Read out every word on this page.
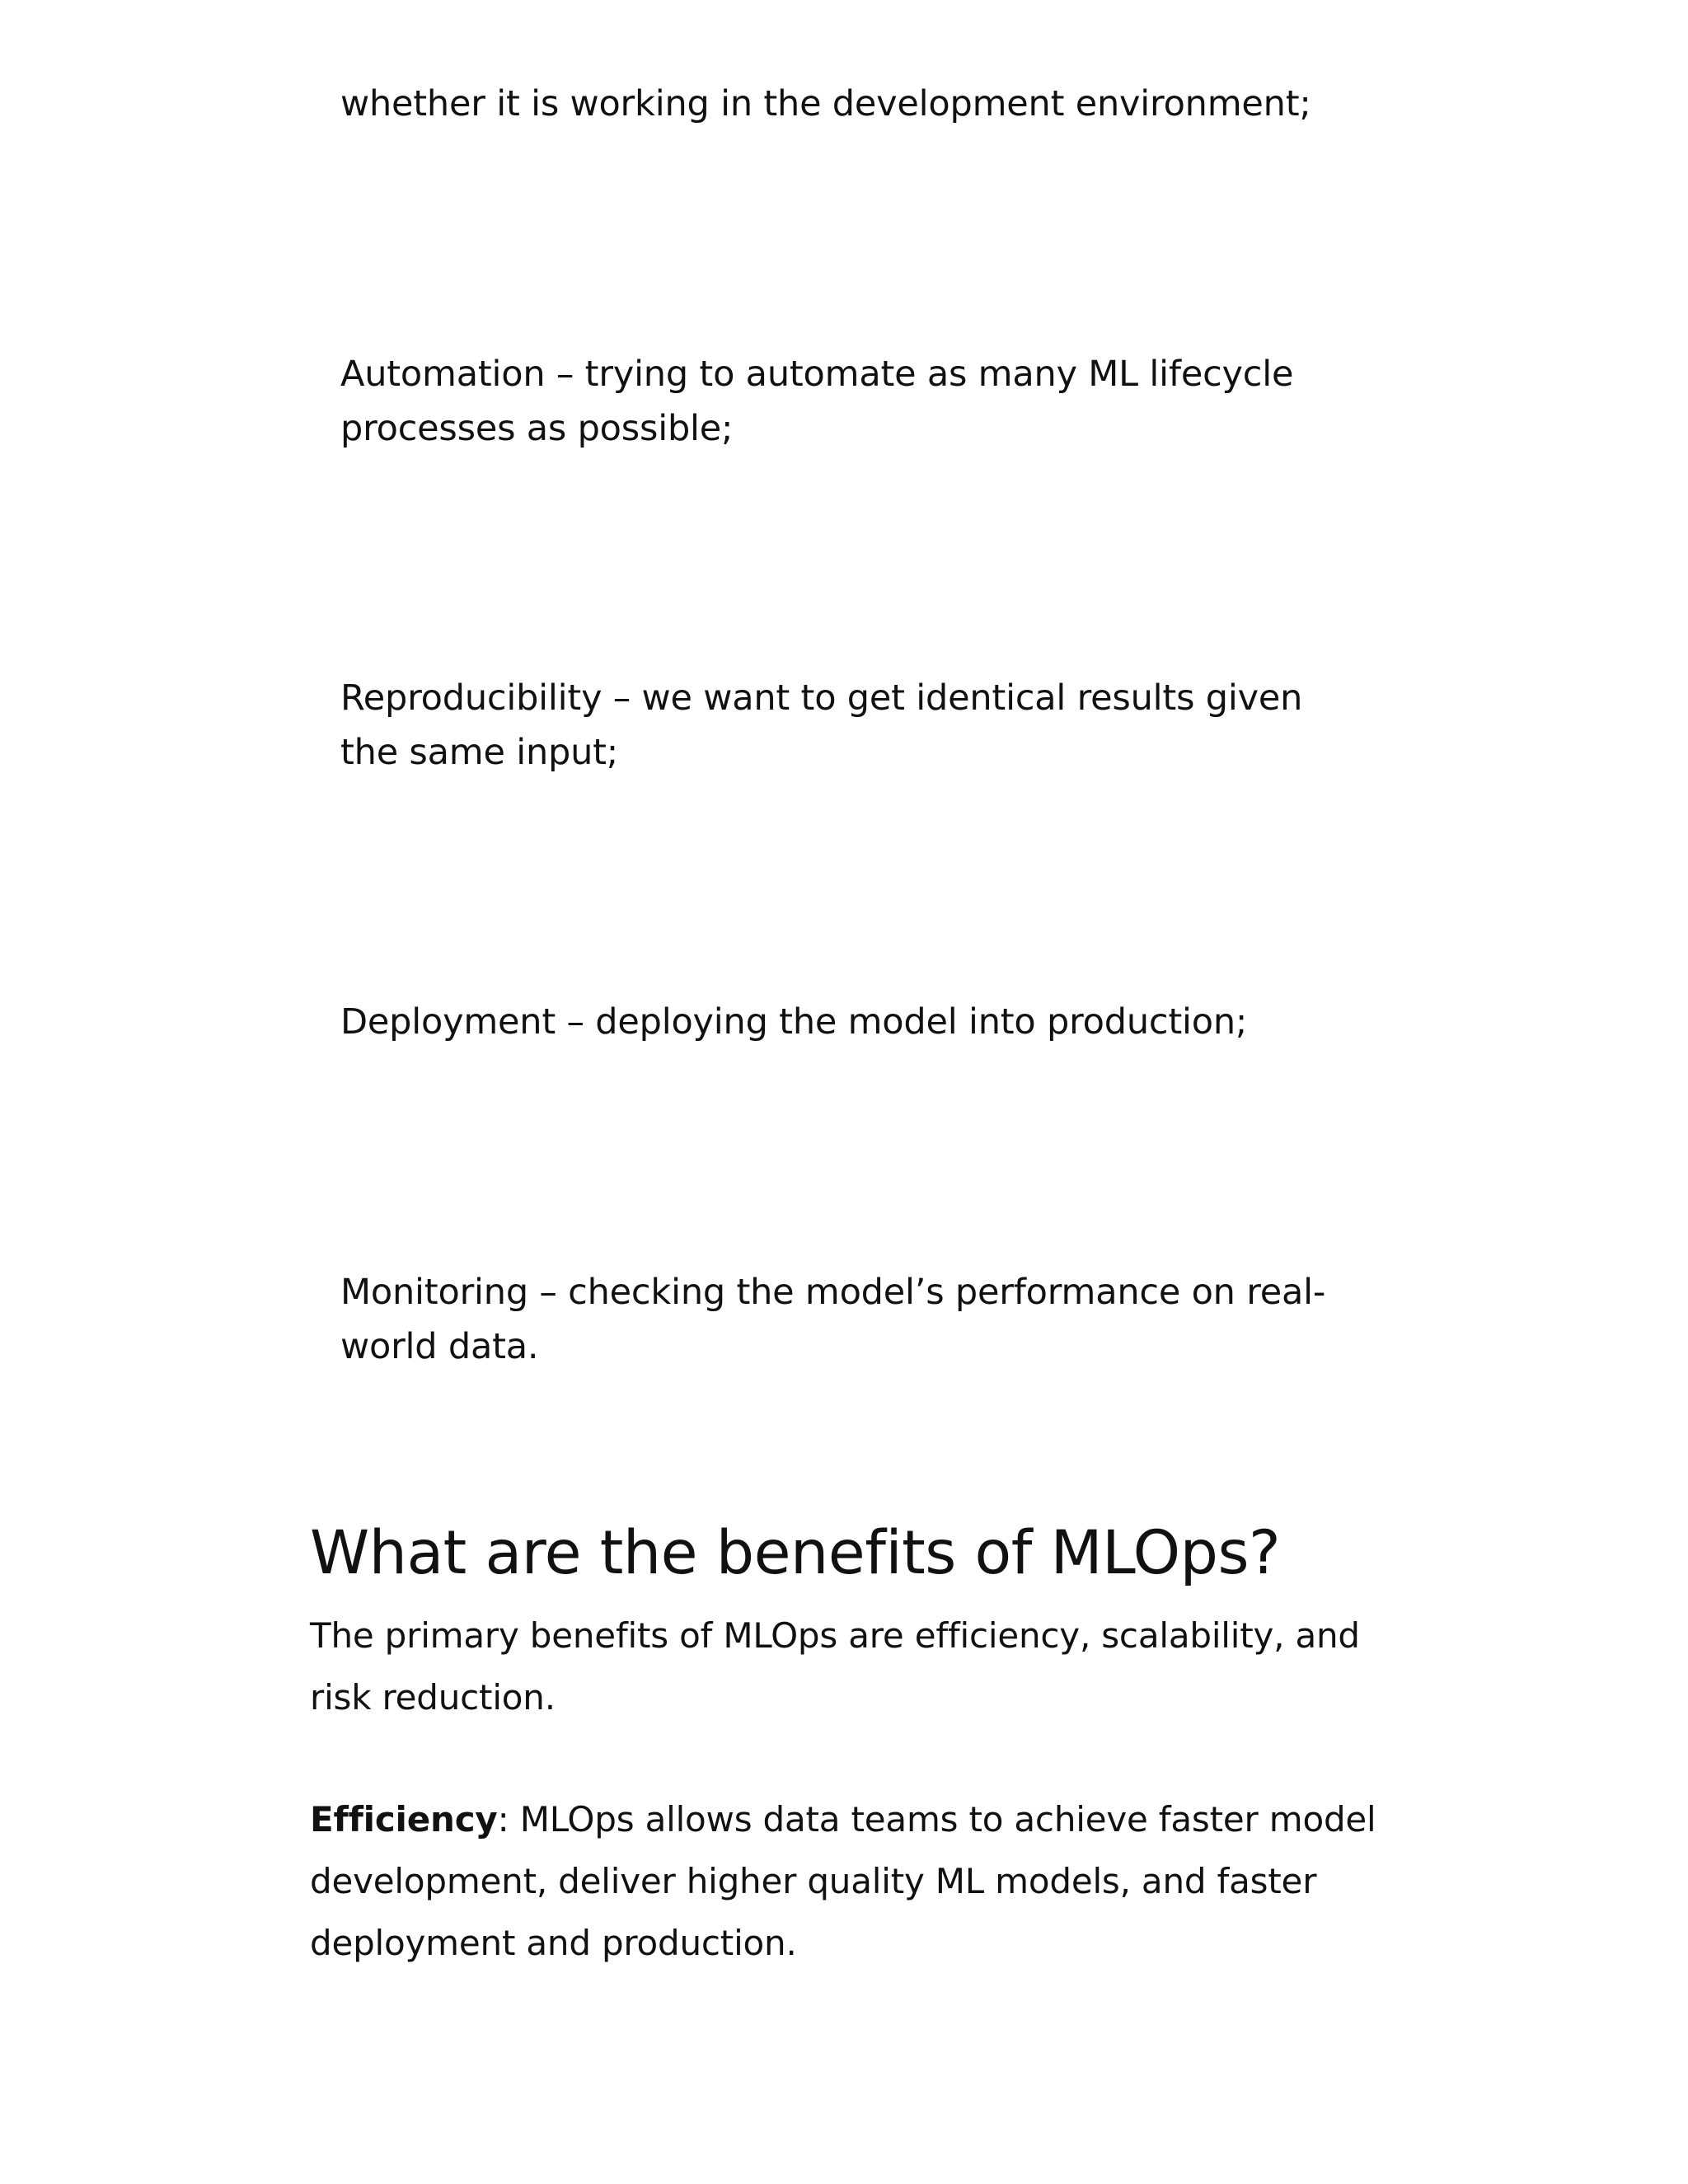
whether it is working in the development environment;

Automation – trying to automate as many ML lifecycle processes as possible;

Reproducibility – we want to get identical results given the same input;

Deployment – deploying the model into production;

Monitoring – checking the model’s performance on real-world data.

What are the benefits of MLOps?

The primary benefits of MLOps are efficiency, scalability, and risk reduction.

Efficiency: MLOps allows data teams to achieve faster model development, deliver higher quality ML models, and faster deployment and production.
